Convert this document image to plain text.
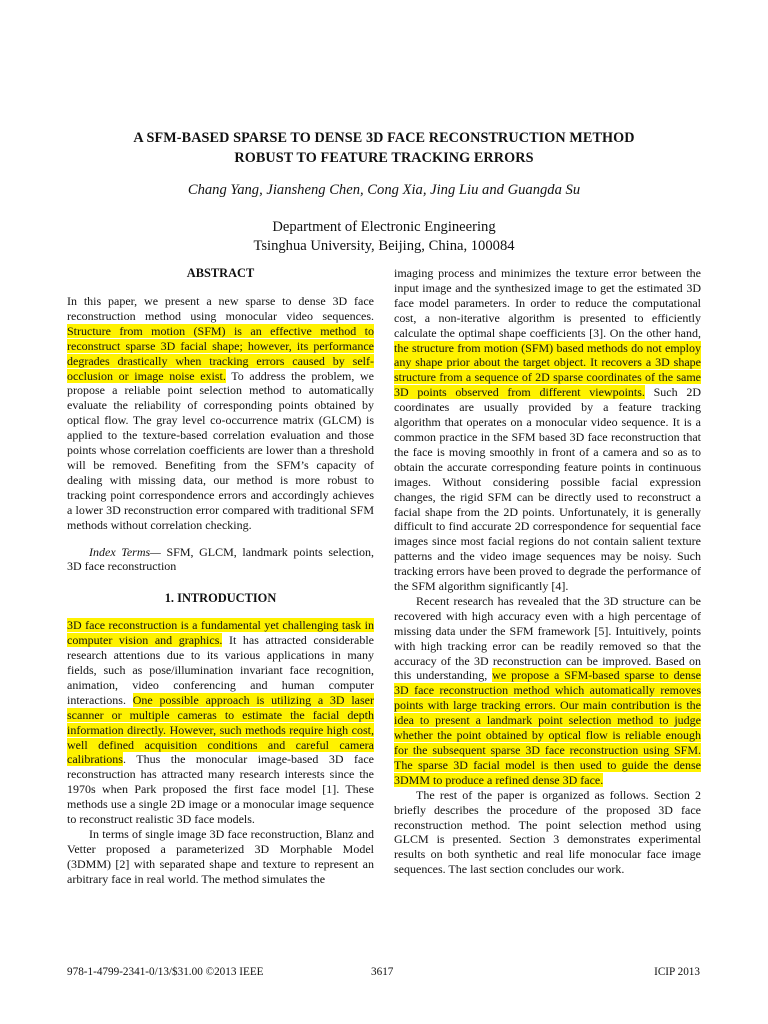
A SFM-BASED SPARSE TO DENSE 3D FACE RECONSTRUCTION METHOD
ROBUST TO FEATURE TRACKING ERRORS
Chang Yang, Jiansheng Chen, Cong Xia, Jing Liu and Guangda Su
Department of Electronic Engineering
Tsinghua University, Beijing, China, 100084
ABSTRACT

In this paper, we present a new sparse to dense 3D face reconstruction method using monocular video sequences. Structure from motion (SFM) is an effective method to reconstruct sparse 3D facial shape; however, its performance degrades drastically when tracking errors caused by self-occlusion or image noise exist. To address the problem, we propose a reliable point selection method to automatically evaluate the reliability of corresponding points obtained by optical flow. The gray level co-occurrence matrix (GLCM) is applied to the texture-based correlation evaluation and those points whose correlation coefficients are lower than a threshold will be removed. Benefiting from the SFM’s capacity of dealing with missing data, our method is more robust to tracking point correspondence errors and accordingly achieves a lower 3D reconstruction error compared with traditional SFM methods without correlation checking.

Index Terms— SFM, GLCM, landmark points selection, 3D face reconstruction

1. INTRODUCTION

3D face reconstruction is a fundamental yet challenging task in computer vision and graphics. It has attracted considerable research attentions due to its various applications in many fields, such as pose/illumination invariant face recognition, animation, video conferencing and human computer interactions. One possible approach is utilizing a 3D laser scanner or multiple cameras to estimate the facial depth information directly. However, such methods require high cost, well defined acquisition conditions and careful camera calibrations. Thus the monocular image-based 3D face reconstruction has attracted many research interests since the 1970s when Park proposed the first face model [1]. These methods use a single 2D image or a monocular image sequence to reconstruct realistic 3D face models.

In terms of single image 3D face reconstruction, Blanz and Vetter proposed a parameterized 3D Morphable Model (3DMM) [2] with separated shape and texture to represent an arbitrary face in real world. The method simulates the

imaging process and minimizes the texture error between the input image and the synthesized image to get the estimated 3D face model parameters. In order to reduce the computational cost, a non-iterative algorithm is presented to efficiently calculate the optimal shape coefficients [3]. On the other hand, the structure from motion (SFM) based methods do not employ any shape prior about the target object. It recovers a 3D shape structure from a sequence of 2D sparse coordinates of the same 3D points observed from different viewpoints. Such 2D coordinates are usually provided by a feature tracking algorithm that operates on a monocular video sequence. It is a common practice in the SFM based 3D face reconstruction that the face is moving smoothly in front of a camera and so as to obtain the accurate corresponding feature points in continuous images. Without considering possible facial expression changes, the rigid SFM can be directly used to reconstruct a facial shape from the 2D points. Unfortunately, it is generally difficult to find accurate 2D correspondence for sequential face images since most facial regions do not contain salient texture patterns and the video image sequences may be noisy. Such tracking errors have been proved to degrade the performance of the SFM algorithm significantly [4].

Recent research has revealed that the 3D structure can be recovered with high accuracy even with a high percentage of missing data under the SFM framework [5]. Intuitively, points with high tracking error can be readily removed so that the accuracy of the 3D reconstruction can be improved. Based on this understanding, we propose a SFM-based sparse to dense 3D face reconstruction method which automatically removes points with large tracking errors. Our main contribution is the idea to present a landmark point selection method to judge whether the point obtained by optical flow is reliable enough for the subsequent sparse 3D face reconstruction using SFM. The sparse 3D facial model is then used to guide the dense 3DMM to produce a refined dense 3D face.

The rest of the paper is organized as follows. Section 2 briefly describes the procedure of the proposed 3D face reconstruction method. The point selection method using GLCM is presented. Section 3 demonstrates experimental results on both synthetic and real life monocular face image sequences. The last section concludes our work.

978-1-4799-2341-0/13/$31.00 ©2013 IEEE	3617	ICIP 2013
